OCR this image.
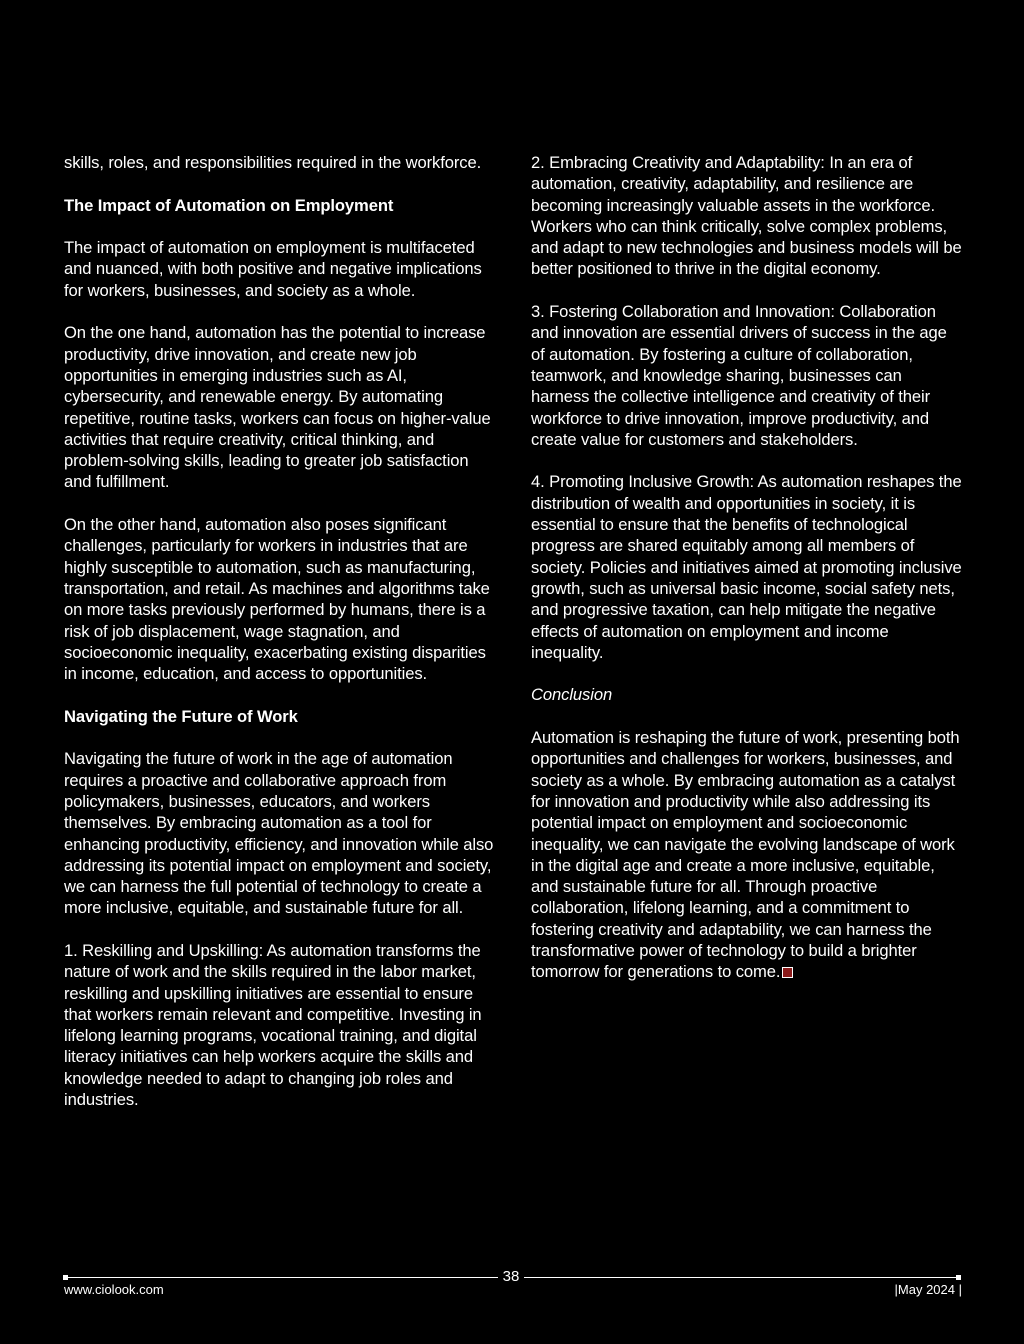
skills, roles, and responsibilities required in the workforce.

The Impact of Automation on Employment

The impact of automation on employment is multifaceted and nuanced, with both positive and negative implications for workers, businesses, and society as a whole.

On the one hand, automation has the potential to increase productivity, drive innovation, and create new job opportunities in emerging industries such as AI, cybersecurity, and renewable energy. By automating repetitive, routine tasks, workers can focus on higher-value activities that require creativity, critical thinking, and problem-solving skills, leading to greater job satisfaction and fulfillment.

On the other hand, automation also poses significant challenges, particularly for workers in industries that are highly susceptible to automation, such as manufacturing, transportation, and retail. As machines and algorithms take on more tasks previously performed by humans, there is a risk of job displacement, wage stagnation, and socioeconomic inequality, exacerbating existing disparities in income, education, and access to opportunities.

Navigating the Future of Work

Navigating the future of work in the age of automation requires a proactive and collaborative approach from policymakers, businesses, educators, and workers themselves. By embracing automation as a tool for enhancing productivity, efficiency, and innovation while also addressing its potential impact on employment and society, we can harness the full potential of technology to create a more inclusive, equitable, and sustainable future for all.

1. Reskilling and Upskilling: As automation transforms the nature of work and the skills required in the labor market, reskilling and upskilling initiatives are essential to ensure that workers remain relevant and competitive. Investing in lifelong learning programs, vocational training, and digital literacy initiatives can help workers acquire the skills and knowledge needed to adapt to changing job roles and industries.

2. Embracing Creativity and Adaptability: In an era of automation, creativity, adaptability, and resilience are becoming increasingly valuable assets in the workforce. Workers who can think critically, solve complex problems, and adapt to new technologies and business models will be better positioned to thrive in the digital economy.

3. Fostering Collaboration and Innovation: Collaboration and innovation are essential drivers of success in the age of automation. By fostering a culture of collaboration, teamwork, and knowledge sharing, businesses can harness the collective intelligence and creativity of their workforce to drive innovation, improve productivity, and create value for customers and stakeholders.

4. Promoting Inclusive Growth: As automation reshapes the distribution of wealth and opportunities in society, it is essential to ensure that the benefits of technological progress are shared equitably among all members of society. Policies and initiatives aimed at promoting inclusive growth, such as universal basic income, social safety nets, and progressive taxation, can help mitigate the negative effects of automation on employment and income inequality.

Conclusion

Automation is reshaping the future of work, presenting both opportunities and challenges for workers, businesses, and society as a whole. By embracing automation as a catalyst for innovation and productivity while also addressing its potential impact on employment and socioeconomic inequality, we can navigate the evolving landscape of work in the digital age and create a more inclusive, equitable, and sustainable future for all. Through proactive collaboration, lifelong learning, and a commitment to fostering creativity and adaptability, we can harness the transformative power of technology to build a brighter tomorrow for generations to come.

38
www.ciolook.com	|May 2024 |
